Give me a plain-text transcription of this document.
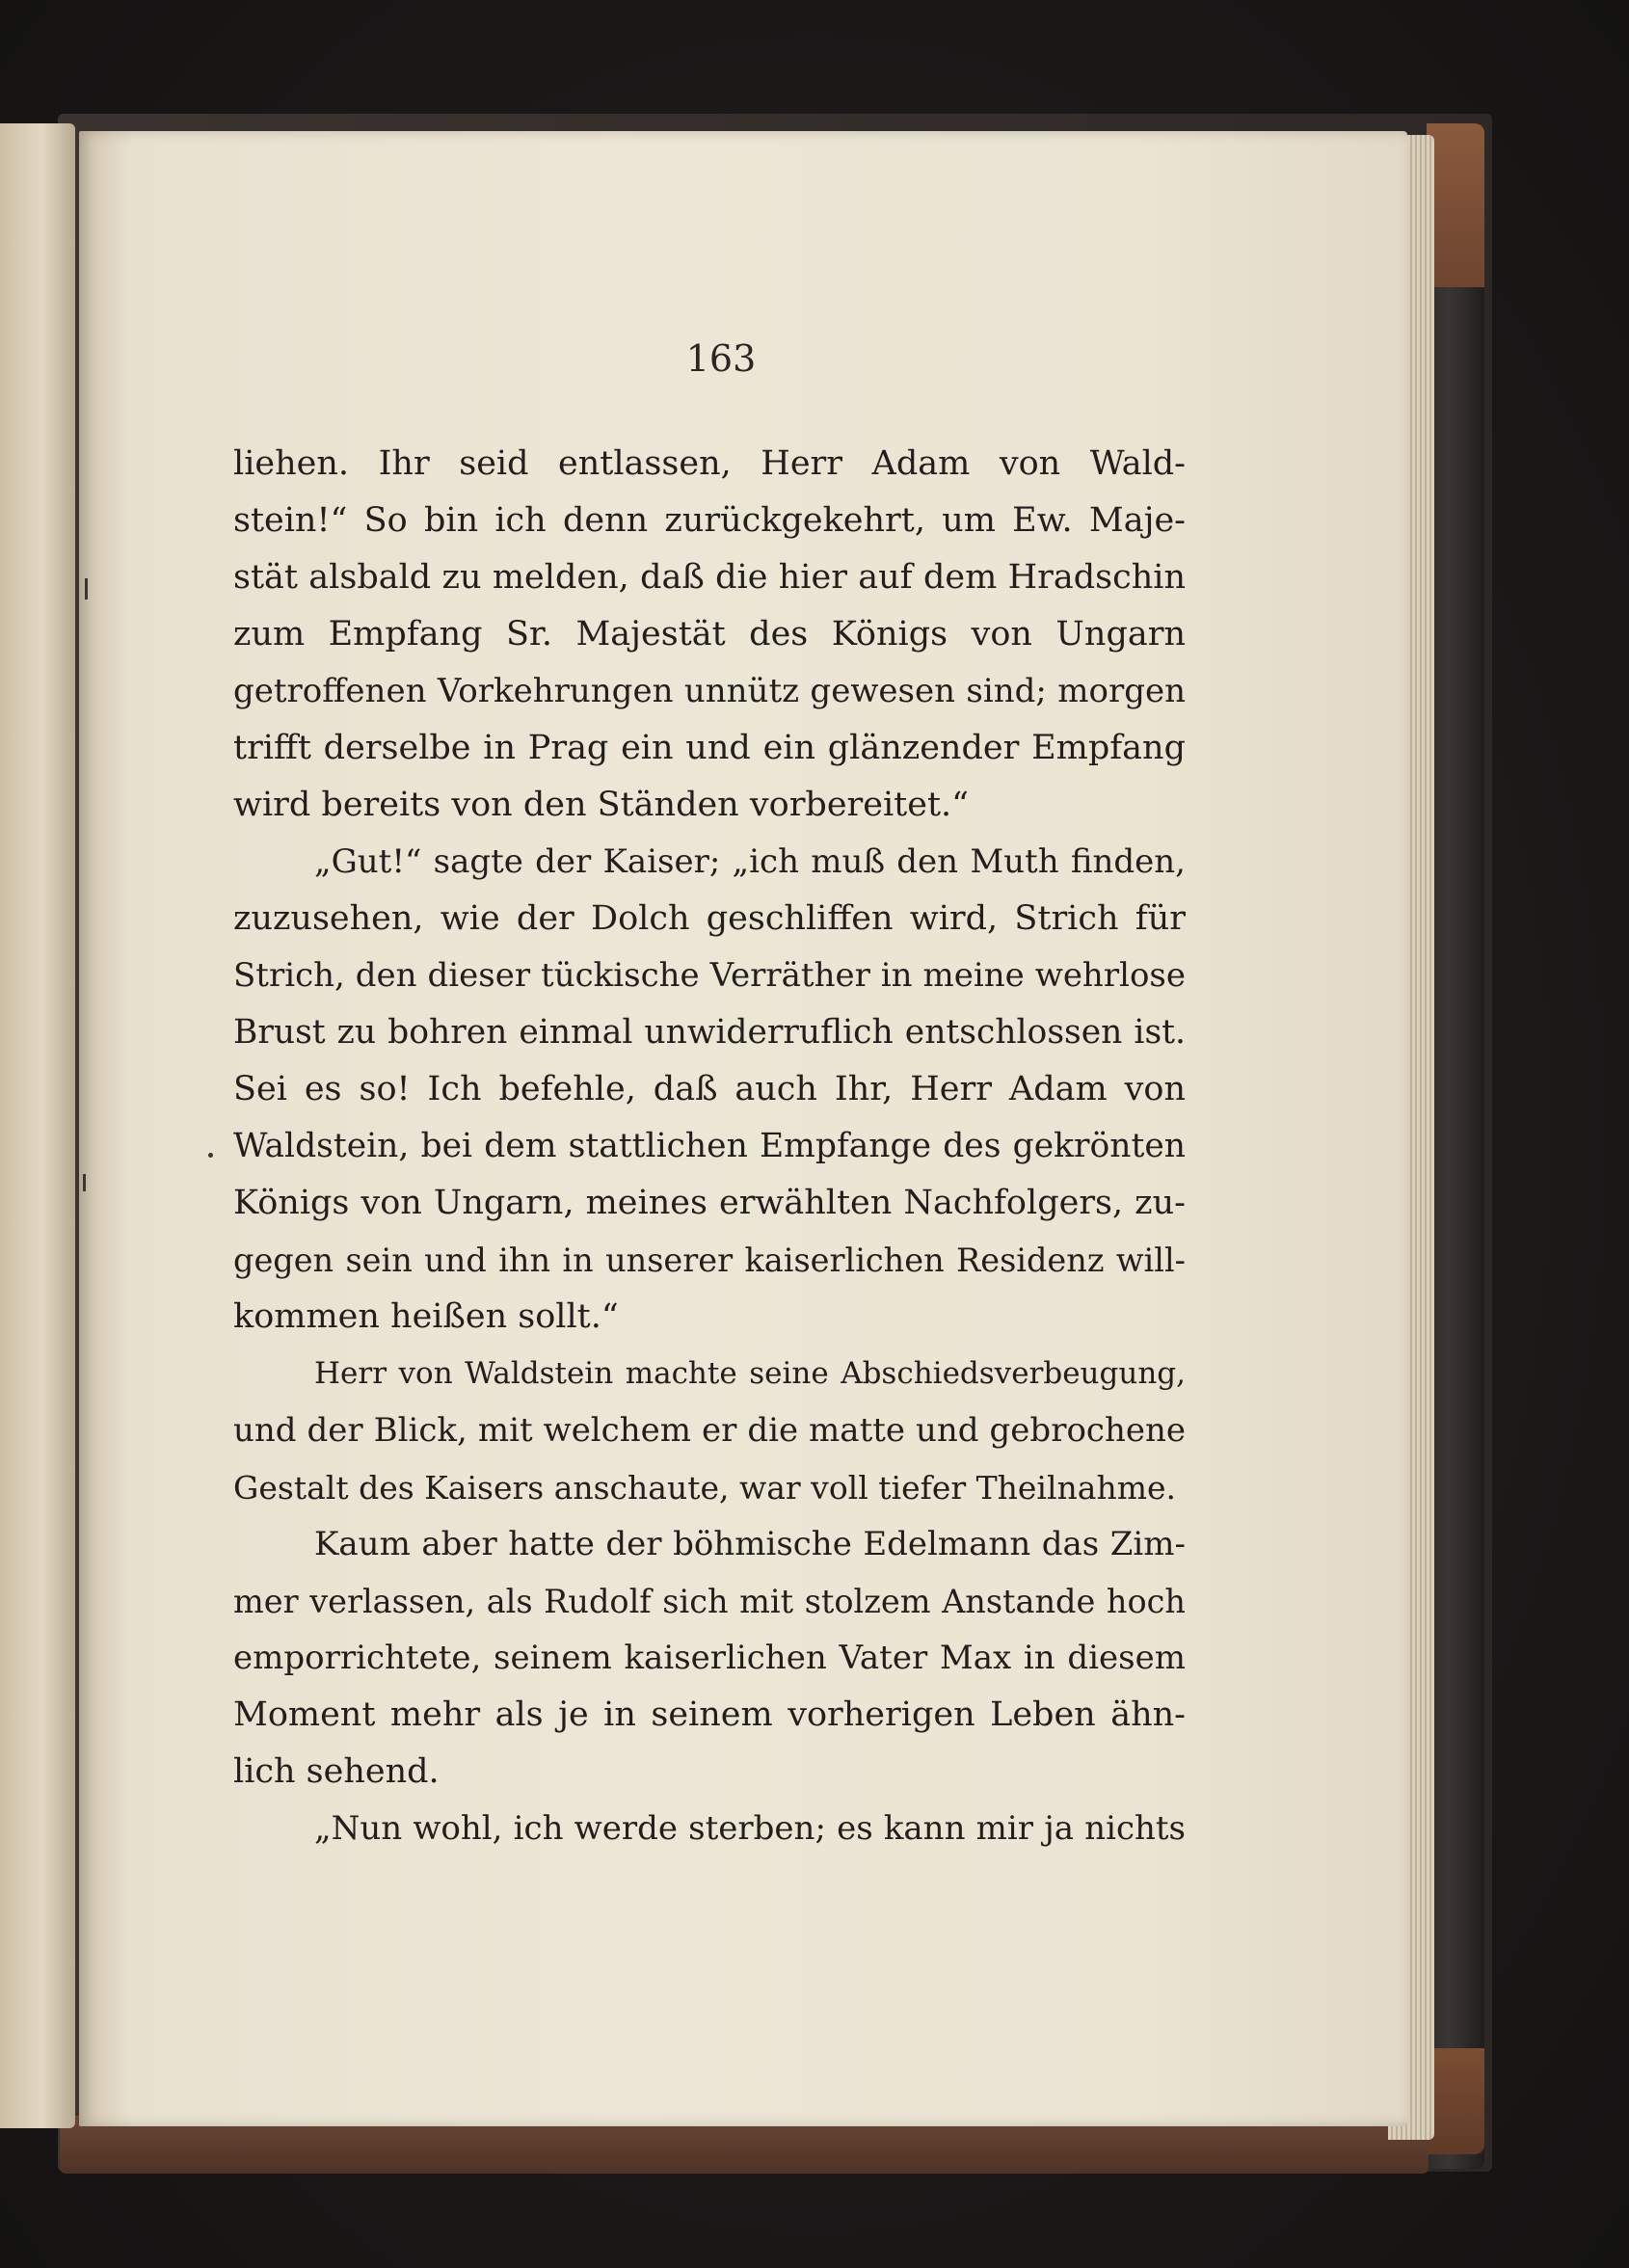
163
liehen. Ihr seid entlassen, Herr Adam von Wald-
stein!“ So bin ich denn zurückgekehrt, um Ew. Maje-
stät alsbald zu melden, daß die hier auf dem Hradschin
zum Empfang Sr. Majestät des Königs von Ungarn
getroffenen Vorkehrungen unnütz gewesen sind; morgen
trifft derselbe in Prag ein und ein glänzender Empfang
wird bereits von den Ständen vorbereitet.“
„Gut!“ sagte der Kaiser; „ich muß den Muth finden,
zuzusehen, wie der Dolch geschliffen wird, Strich für
Strich, den dieser tückische Verräther in meine wehrlose
Brust zu bohren einmal unwiderruflich entschlossen ist.
Sei es so! Ich befehle, daß auch Ihr, Herr Adam von
Waldstein, bei dem stattlichen Empfange des gekrönten
Königs von Ungarn, meines erwählten Nachfolgers, zu-
gegen sein und ihn in unserer kaiserlichen Residenz will-
kommen heißen sollt.“
Herr von Waldstein machte seine Abschiedsverbeugung,
und der Blick, mit welchem er die matte und gebrochene
Gestalt des Kaisers anschaute, war voll tiefer Theilnahme.
Kaum aber hatte der böhmische Edelmann das Zim-
mer verlassen, als Rudolf sich mit stolzem Anstande hoch
emporrichtete, seinem kaiserlichen Vater Max in diesem
Moment mehr als je in seinem vorherigen Leben ähn-
lich sehend.
„Nun wohl, ich werde sterben; es kann mir ja nichts
